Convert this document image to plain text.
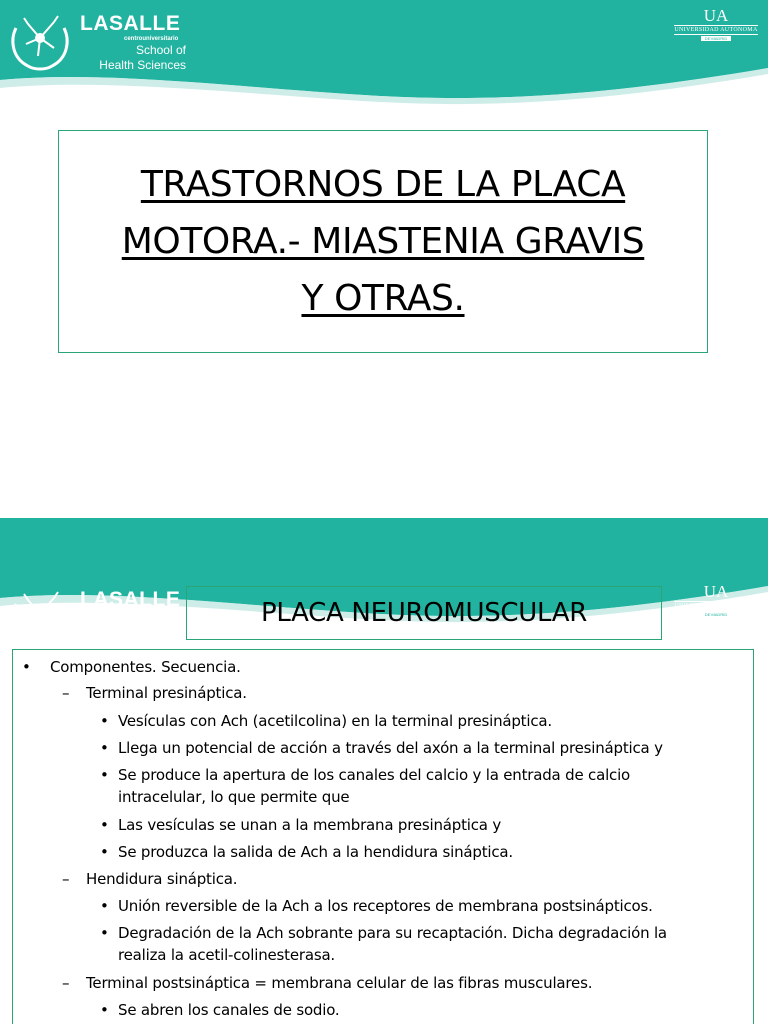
LASALLE
centrouniversitario
School of
Health Sciences
UA
UNIVERSIDAD AUTÓNOMA
DE MADRID
TRASTORNOS DE LA PLACA
MOTORA.- MIASTENIA GRAVIS
Y OTRAS.
LASALLE
centrouniversitario
School of
Health Sciences
UA
UNIVERSIDAD AUTÓNOMA
DE MADRID
PLACA NEUROMUSCULAR
• Componentes. Secuencia.
– Terminal presináptica.
• Vesículas con Ach (acetilcolina) en la terminal presináptica.
• Llega un potencial de acción a través del axón a la terminal presináptica y
• Se produce la apertura de los canales del calcio y la entrada de calcio
intracelular, lo que permite que
• Las vesículas se unan a la membrana presináptica y
• Se produzca la salida de Ach a la hendidura sináptica.
– Hendidura sináptica.
• Unión reversible de la Ach a los receptores de membrana postsinápticos.
• Degradación de la Ach sobrante para su recaptación. Dicha degradación la
realiza la acetil-colinesterasa.
– Terminal postsináptica = membrana celular de las fibras musculares.
• Se abren los canales de sodio.
